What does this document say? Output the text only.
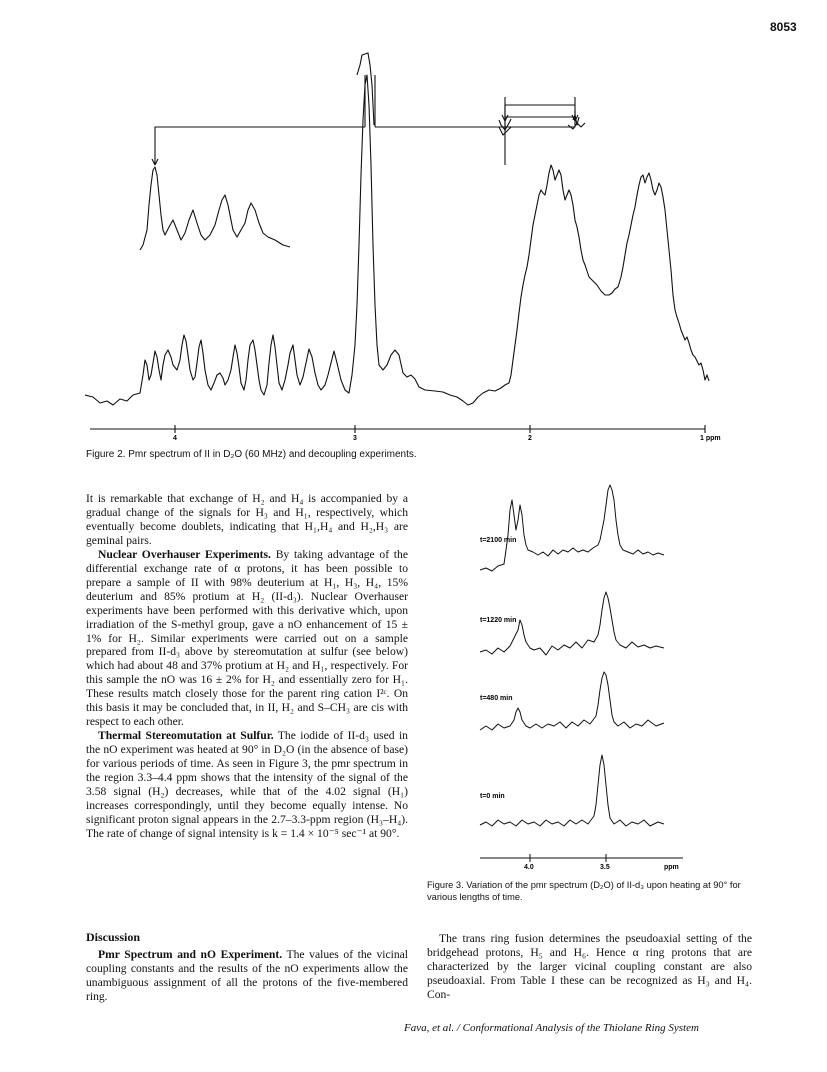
8053
4	3	2	1 ppm
Figure 2. Pmr spectrum of II in D₂O (60 MHz) and decoupling experiments.

It is remarkable that exchange of H₂ and H₄ is accompanied by a gradual change of the signals for H₃ and H₁, respectively, which eventually become doublets, indicating that H₁,H₄ and H₂,H₃ are geminal pairs.

Nuclear Overhauser Experiments. By taking advantage of the differential exchange rate of α protons, it has been possible to prepare a sample of II with 98% deuterium at H₁, H₃, H₄, 15% deuterium and 85% protium at H₂ (II-d₃). Nuclear Overhauser experiments have been performed with this derivative which, upon irradiation of the S-methyl group, gave a nO enhancement of 15 ± 1% for H₂. Similar experiments were carried out on a sample prepared from II-d₃ above by stereomutation at sulfur (see below) which had about 48 and 37% protium at H₂ and H₁, respectively. For this sample the nO was 16 ± 2% for H₂ and essentially zero for H₁. These results match closely those for the parent ring cation I²ᶜ. On this basis it may be concluded that, in II, H₂ and S–CH₃ are cis with respect to each other.

Thermal Stereomutation at Sulfur. The iodide of II-d₃ used in the nO experiment was heated at 90° in D₂O (in the absence of base) for various periods of time. As seen in Figure 3, the pmr spectrum in the region 3.3–4.4 ppm shows that the intensity of the signal of the 3.58 signal (H₂) decreases, while that of the 4.02 signal (H₁) increases correspondingly, until they become equally intense. No significant proton signal appears in the 2.7–3.3-ppm region (H₃–H₄). The rate of change of signal intensity is k = 1.4 × 10⁻⁵ sec⁻¹ at 90°.

t=2100 min
t=1220 min
t=480 min
t=0 min
4.0	3.5	ppm
Figure 3. Variation of the pmr spectrum (D₂O) of II-d₃ upon heating at 90° for various lengths of time.
Discussion
Pmr Spectrum and nO Experiment. The values of the vicinal coupling constants and the results of the nO experiments allow the unambiguous assignment of all the protons of the five-membered ring.
The trans ring fusion determines the pseudoaxial setting of the bridgehead protons, H₅ and H₆. Hence α ring protons that are characterized by the larger vicinal coupling constant are also pseudoaxial. From Table I these can be recognized as H₃ and H₄. Con-
Fava, et al. / Conformational Analysis of the Thiolane Ring System
